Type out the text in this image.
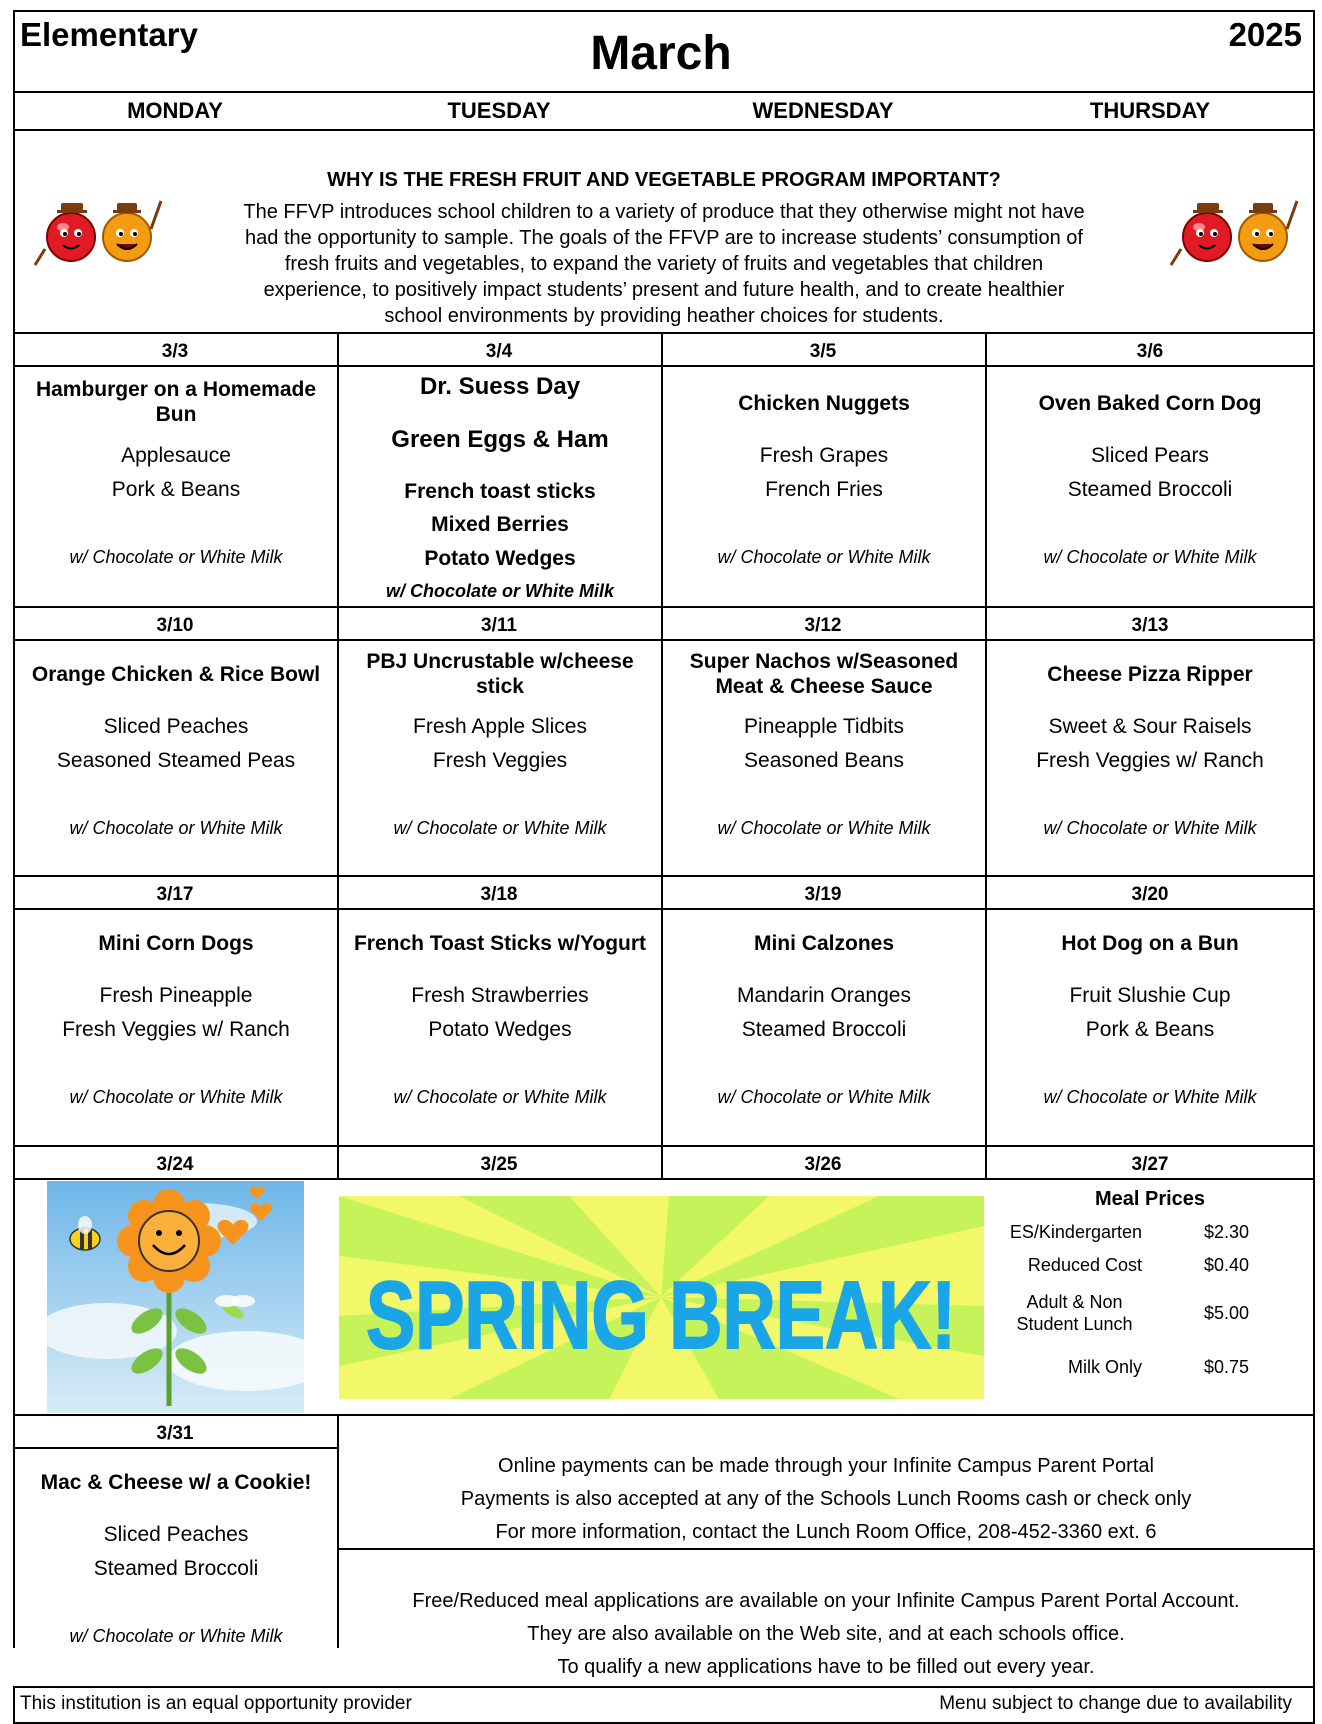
Elementary	March	2025
MONDAY	TUESDAY	WEDNESDAY	THURSDAY
WHY IS THE FRESH FRUIT AND VEGETABLE PROGRAM IMPORTANT?
The FFVP introduces school children to a variety of produce that they otherwise might not have
had the opportunity to sample. The goals of the FFVP are to increase students’ consumption of
fresh fruits and vegetables, to expand the variety of fruits and vegetables that children
experience, to positively impact students’ present and future health, and to create healthier
school environments by providing heather choices for students.
3/3	3/4	3/5	3/6
Hamburger on a Homemade Bun
Applesauce
Pork & Beans
w/ Chocolate or White Milk
Dr. Suess Day
Green Eggs & Ham
French toast sticks
Mixed Berries
Potato Wedges
w/ Chocolate or White Milk
Chicken Nuggets
Fresh Grapes
French Fries
w/ Chocolate or White Milk
Oven Baked Corn Dog
Sliced Pears
Steamed Broccoli
w/ Chocolate or White Milk
3/10	3/11	3/12	3/13
Orange Chicken & Rice Bowl
Sliced Peaches
Seasoned Steamed Peas
w/ Chocolate or White Milk
PBJ Uncrustable w/cheese stick
Fresh Apple Slices
Fresh Veggies
w/ Chocolate or White Milk
Super Nachos w/Seasoned Meat & Cheese Sauce
Pineapple Tidbits
Seasoned Beans
w/ Chocolate or White Milk
Cheese Pizza Ripper
Sweet & Sour Raisels
Fresh Veggies w/ Ranch
w/ Chocolate or White Milk
3/17	3/18	3/19	3/20
Mini Corn Dogs
Fresh Pineapple
Fresh Veggies w/ Ranch
w/ Chocolate or White Milk
French Toast Sticks w/Yogurt
Fresh Strawberries
Potato Wedges
w/ Chocolate or White Milk
Mini Calzones
Mandarin Oranges
Steamed Broccoli
w/ Chocolate or White Milk
Hot Dog on a Bun
Fruit Slushie Cup
Pork & Beans
w/ Chocolate or White Milk
3/24	3/25	3/26	3/27
SPRING BREAK!
Meal Prices
ES/Kindergarten	$2.30
Reduced Cost	$0.40
Adult & Non Student Lunch
$5.00
Milk Only	$0.75
3/31
Mac & Cheese w/ a Cookie!
Sliced Peaches
Steamed Broccoli
w/ Chocolate or White Milk
Online payments can be made through your Infinite Campus Parent Portal
Payments is also accepted at any of the Schools Lunch Rooms cash or check only
For more information, contact the Lunch Room Office, 208-452-3360 ext. 6
Free/Reduced meal applications are available on your Infinite Campus Parent Portal Account.
They are also available on the Web site, and at each schools office.
To qualify a new applications have to be filled out every year.
This institution is an equal opportunity provider	Menu subject to change due to availability
